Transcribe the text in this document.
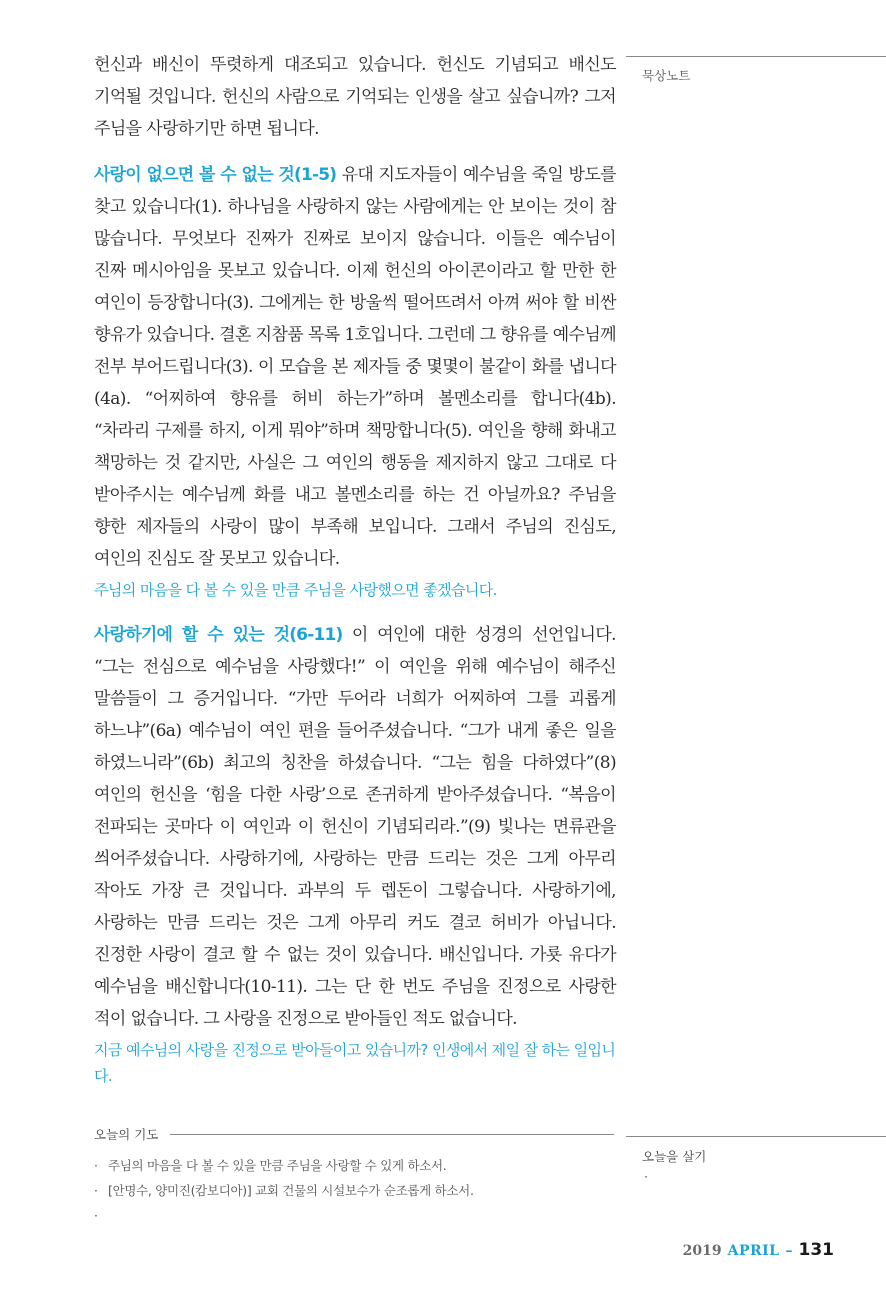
헌신과 배신이 뚜렷하게 대조되고 있습니다. 헌신도 기념되고 배신도 기억될 것입니다. 헌신의 사람으로 기억되는 인생을 살고 싶습니까? 그저 주님을 사랑하기만 하면 됩니다.

사랑이 없으면 볼 수 없는 것(1-5) 유대 지도자들이 예수님을 죽일 방도를 찾고 있습니다(1). 하나님을 사랑하지 않는 사람에게는 안 보이는 것이 참 많습니다. 무엇보다 진짜가 진짜로 보이지 않습니다. 이들은 예수님이 진짜 메시아임을 못보고 있습니다. 이제 헌신의 아이콘이라고 할 만한 한 여인이 등장합니다(3). 그에게는 한 방울씩 떨어뜨려서 아껴 써야 할 비싼 향유가 있습니다. 결혼 지참품 목록 1호입니다. 그런데 그 향유를 예수님께 전부 부어드립니다(3). 이 모습을 본 제자들 중 몇몇이 불같이 화를 냅니다(4a). “어찌하여 향유를 허비 하는가”하며 볼멘소리를 합니다(4b). “차라리 구제를 하지, 이게 뭐야”하며 책망합니다(5). 여인을 향해 화내고 책망하는 것 같지만, 사실은 그 여인의 행동을 제지하지 않고 그대로 다 받아주시는 예수님께 화를 내고 볼멘소리를 하는 건 아닐까요? 주님을 향한 제자들의 사랑이 많이 부족해 보입니다. 그래서 주님의 진심도, 여인의 진심도 잘 못보고 있습니다.

주님의 마음을 다 볼 수 있을 만큼 주님을 사랑했으면 좋겠습니다.

사랑하기에 할 수 있는 것(6-11) 이 여인에 대한 성경의 선언입니다. “그는 전심으로 예수님을 사랑했다!” 이 여인을 위해 예수님이 해주신 말씀들이 그 증거입니다. “가만 두어라 너희가 어찌하여 그를 괴롭게 하느냐”(6a) 예수님이 여인 편을 들어주셨습니다. “그가 내게 좋은 일을 하였느니라”(6b) 최고의 칭찬을 하셨습니다. “그는 힘을 다하였다”(8) 여인의 헌신을 ‘힘을 다한 사랑’으로 존귀하게 받아주셨습니다. “복음이 전파되는 곳마다 이 여인과 이 헌신이 기념되리라.”(9) 빛나는 면류관을 씌어주셨습니다. 사랑하기에, 사랑하는 만큼 드리는 것은 그게 아무리 작아도 가장 큰 것입니다. 과부의 두 렙돈이 그렇습니다. 사랑하기에, 사랑하는 만큼 드리는 것은 그게 아무리 커도 결코 허비가 아닙니다. 진정한 사랑이 결코 할 수 없는 것이 있습니다. 배신입니다. 가룟 유다가 예수님을 배신합니다(10-11). 그는 단 한 번도 주님을 진정으로 사랑한 적이 없습니다. 그 사랑을 진정으로 받아들인 적도 없습니다.

지금 예수님의 사랑을 진정으로 받아들이고 있습니까? 인생에서 제일 잘 하는 일입니다.

묵상노트
오늘의 기도
· 주님의 마음을 다 볼 수 있을 만큼 주님을 사랑할 수 있게 하소서.
· [안명수, 양미진(캄보디아)] 교회 건물의 시설보수가 순조롭게 하소서.
·
오늘을 살기
·
2019 APRIL – 131
